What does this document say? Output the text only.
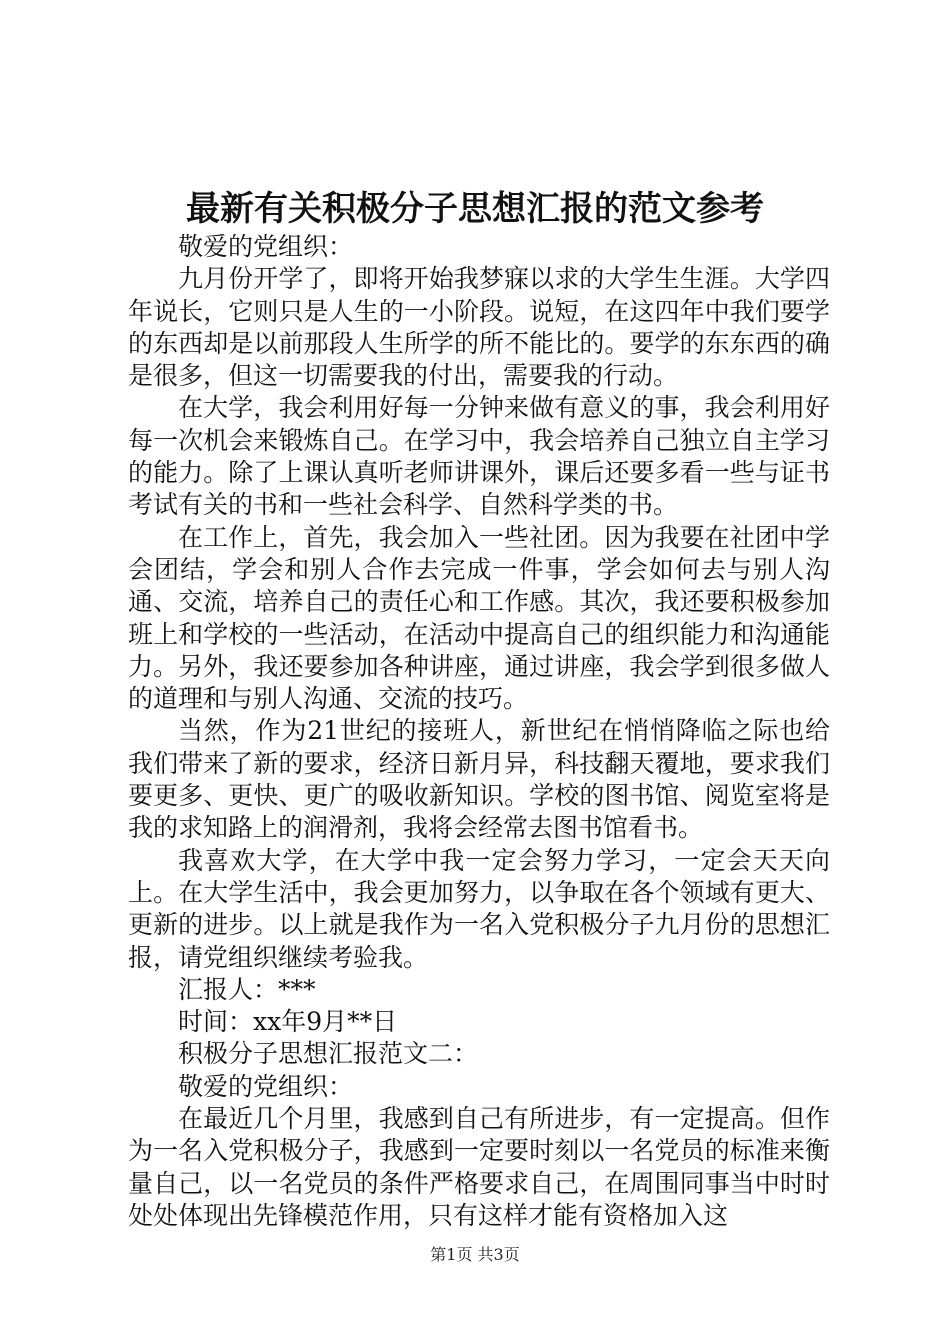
最新有关积极分子思想汇报的范文参考

敬爱的党组织：

九月份开学了，即将开始我梦寐以求的大学生生涯。大学四年说长，它则只是人生的一小阶段。说短，在这四年中我们要学的东西却是以前那段人生所学的所不能比的。要学的东东西的确是很多，但这一切需要我的付出，需要我的行动。

在大学，我会利用好每一分钟来做有意义的事，我会利用好每一次机会来锻炼自己。在学习中，我会培养自己独立自主学习的能力。除了上课认真听老师讲课外，课后还要多看一些与证书考试有关的书和一些社会科学、自然科学类的书。

在工作上，首先，我会加入一些社团。因为我要在社团中学会团结，学会和别人合作去完成一件事，学会如何去与别人沟通、交流，培养自己的责任心和工作感。其次，我还要积极参加班上和学校的一些活动，在活动中提高自己的组织能力和沟通能力。另外，我还要参加各种讲座，通过讲座，我会学到很多做人的道理和与别人沟通、交流的技巧。

当然，作为21世纪的接班人，新世纪在悄悄降临之际也给我们带来了新的要求，经济日新月异，科技翻天覆地，要求我们要更多、更快、更广的吸收新知识。学校的图书馆、阅览室将是我的求知路上的润滑剂，我将会经常去图书馆看书。

我喜欢大学，在大学中我一定会努力学习，一定会天天向上。在大学生活中，我会更加努力，以争取在各个领域有更大、更新的进步。以上就是我作为一名入党积极分子九月份的思想汇报，请党组织继续考验我。

汇报人：***

时间：xx年9月**日

积极分子思想汇报范文二：

敬爱的党组织：

在最近几个月里，我感到自己有所进步，有一定提高。但作为一名入党积极分子，我感到一定要时刻以一名党员的标准来衡量自己，以一名党员的条件严格要求自己，在周围同事当中时时处处体现出先锋模范作用，只有这样才能有资格加入这

第1页 共3页
